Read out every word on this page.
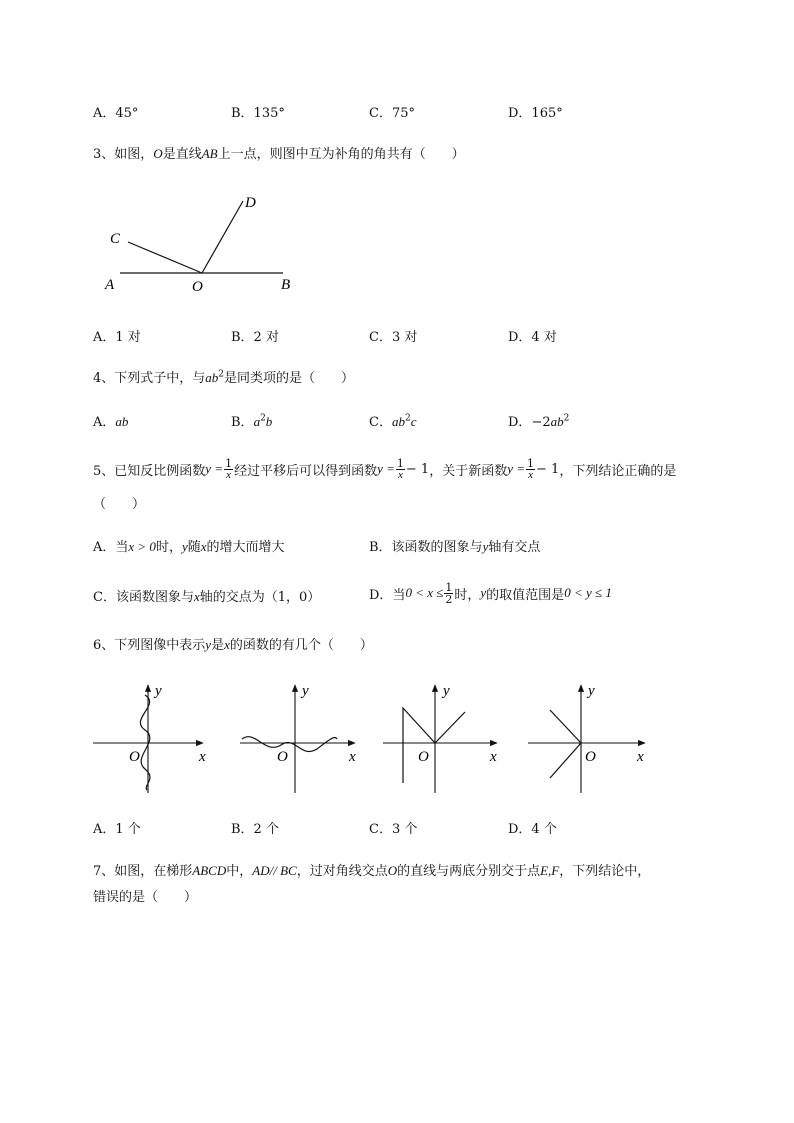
A．45°	B．135°	C．75°	D．165°
3、如图，O是直线AB上一点，则图中互为补角的角共有（　　）
A	B
C
D
O
A．1 对	B．2 对	C．3 对	D．4 对
4、下列式子中，与$ab^2$是同类项的是（　　）
A．ab	B．$a^2b$	C．$ab^2c$	D．$-2ab^2$
5、 已知反比例函数 $y = \frac{1}{x}$ 经过平移后可以得到函数 $y = \frac{1}{x} - 1$ ，关于新函数 $y = \frac{1}{x} - 1$ ，下列结论正确的是
（　　）
A．当x > 0时，y随x的增大而增大	B．该函数的图象与y轴有交点
C．该函数图象与x轴的交点为（1，0）	D．当 $0 < x \le \frac{1}{2}$ 时， y 的取值范围是 0 < y ≤ 1
6、下列图像中表示y是x的函数的有几个（　　）
x
y
O	x
y
O	x
y
O	x
y
O
A．1 个	B．2 个	C．3 个	D．4 个
7、如图，在梯形ABCD中，AD// BC，过对角线交点O的直线与两底分别交于点E,F，下列结论中，
错误的是（　　）
